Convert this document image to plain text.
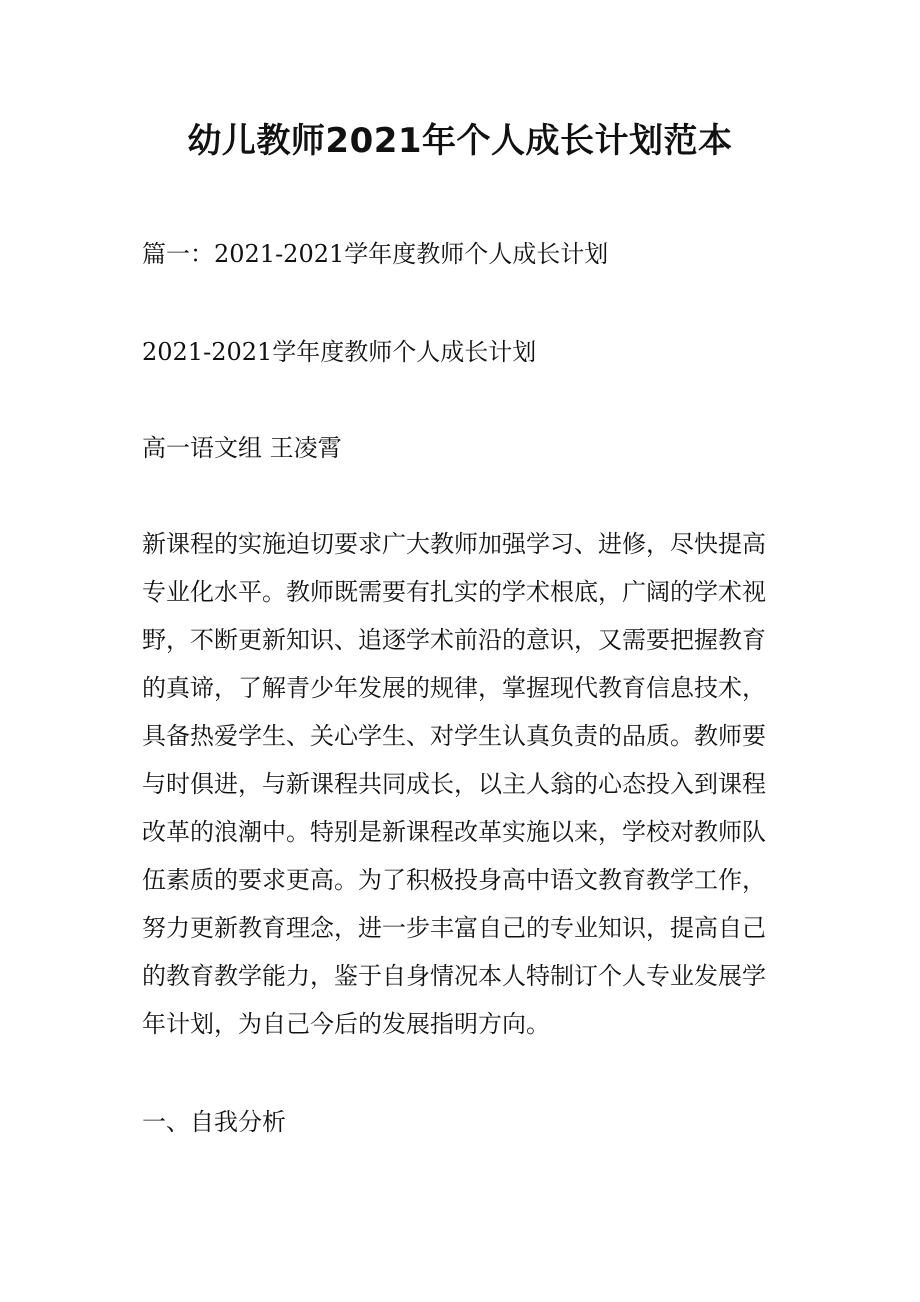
幼儿教师2021年个人成长计划范本

篇一：2021-2021学年度教师个人成长计划

2021-2021学年度教师个人成长计划

高一语文组 王凌霄

新课程的实施迫切要求广大教师加强学习、进修，尽快提高
专业化水平。教师既需要有扎实的学术根底，广阔的学术视
野，不断更新知识、追逐学术前沿的意识，又需要把握教育
的真谛，了解青少年发展的规律，掌握现代教育信息技术，
具备热爱学生、关心学生、对学生认真负责的品质。教师要
与时俱进，与新课程共同成长，以主人翁的心态投入到课程
改革的浪潮中。特别是新课程改革实施以来，学校对教师队
伍素质的要求更高。为了积极投身高中语文教育教学工作，
努力更新教育理念，进一步丰富自己的专业知识，提高自己
的教育教学能力，鉴于自身情况本人特制订个人专业发展学
年计划，为自己今后的发展指明方向。

一、自我分析
